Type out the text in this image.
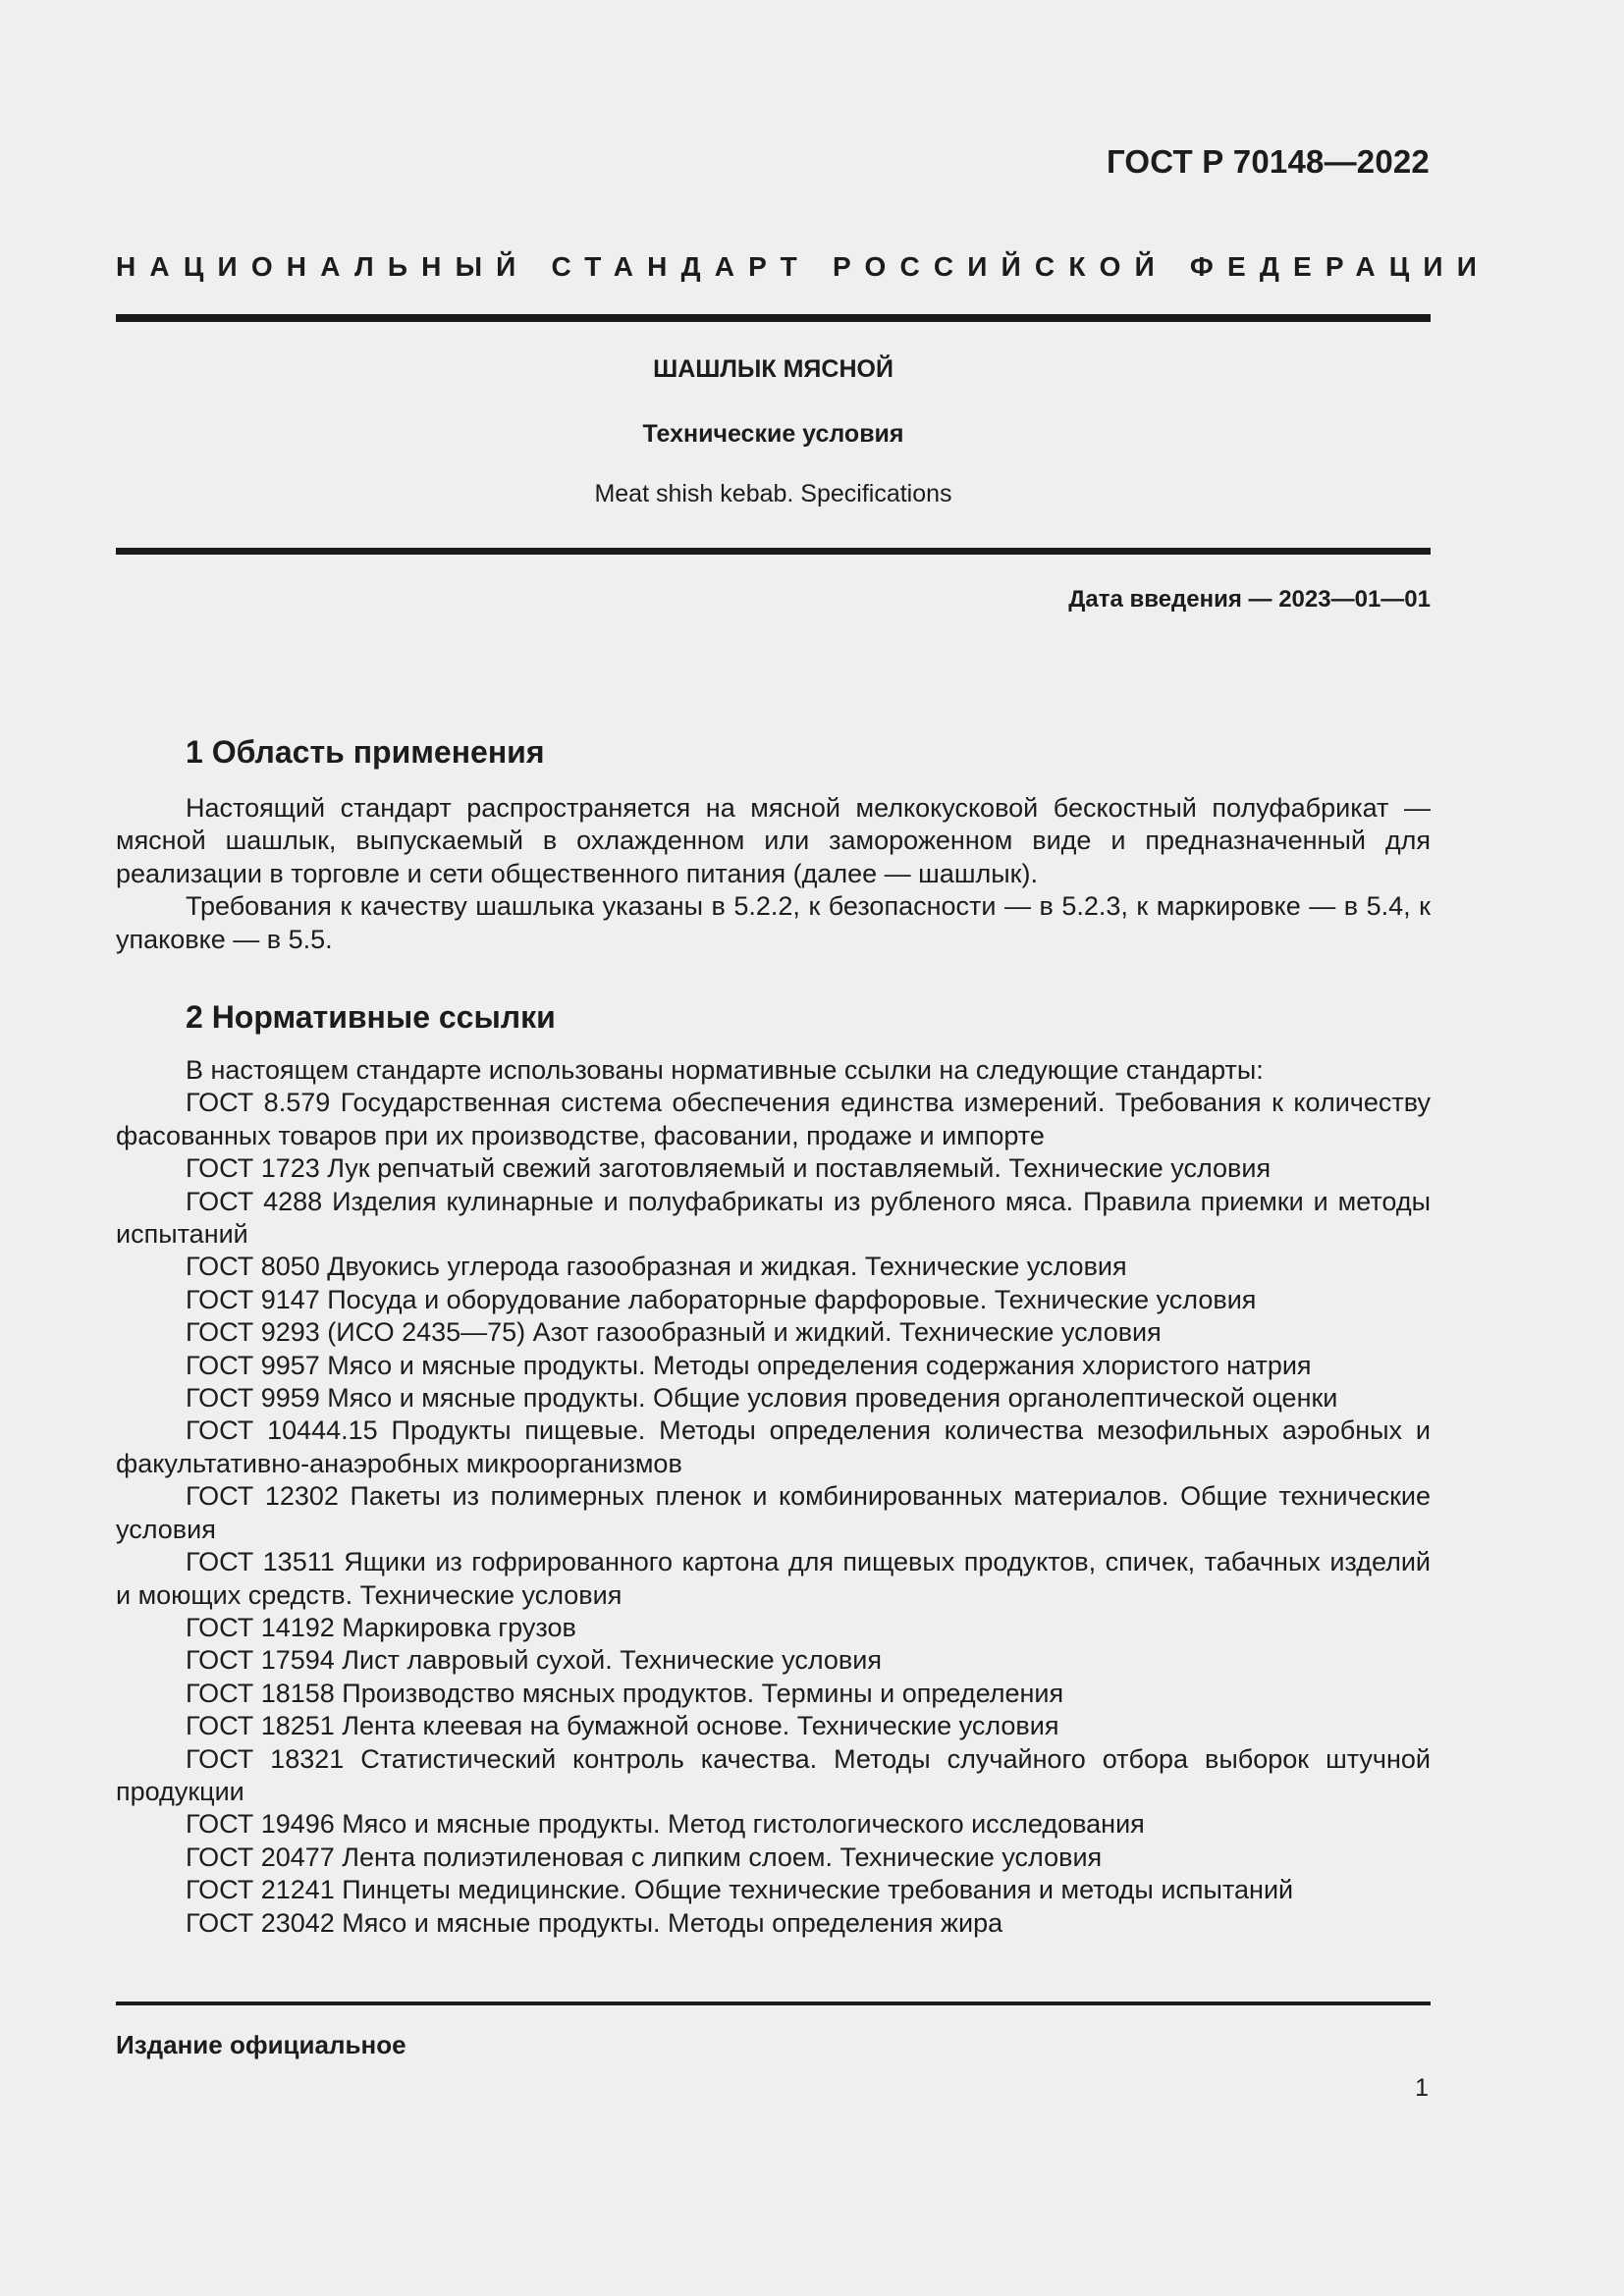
ГОСТ Р 70148—2022
НАЦИОНАЛЬНЫЙ СТАНДАРТ РОССИЙСКОЙ ФЕДЕРАЦИИ
ШАШЛЫК МЯСНОЙ
Технические условия
Meat shish kebab. Specifications
Дата введения — 2023—01—01
1 Область применения

Настоящий стандарт распространяется на мясной мелкокусковой бескостный полуфабрикат — мясной шашлык, выпускаемый в охлажденном или замороженном виде и предназначенный для реализации в торговле и сети общественного питания (далее — шашлык).

Требования к качеству шашлыка указаны в 5.2.2, к безопасности — в 5.2.3, к маркировке — в 5.4, к упаковке — в 5.5.

2 Нормативные ссылки

В настоящем стандарте использованы нормативные ссылки на следующие стандарты:

ГОСТ 8.579 Государственная система обеспечения единства измерений. Требования к количеству фасованных товаров при их производстве, фасовании, продаже и импорте

ГОСТ 1723 Лук репчатый свежий заготовляемый и поставляемый. Технические условия

ГОСТ 4288 Изделия кулинарные и полуфабрикаты из рубленого мяса. Правила приемки и методы испытаний

ГОСТ 8050 Двуокись углерода газообразная и жидкая. Технические условия

ГОСТ 9147 Посуда и оборудование лабораторные фарфоровые. Технические условия

ГОСТ 9293 (ИСО 2435—75) Азот газообразный и жидкий. Технические условия

ГОСТ 9957 Мясо и мясные продукты. Методы определения содержания хлористого натрия

ГОСТ 9959 Мясо и мясные продукты. Общие условия проведения органолептической оценки

ГОСТ 10444.15 Продукты пищевые. Методы определения количества мезофильных аэробных и факультативно-анаэробных микроорганизмов

ГОСТ 12302 Пакеты из полимерных пленок и комбинированных материалов. Общие технические условия

ГОСТ 13511 Ящики из гофрированного картона для пищевых продуктов, спичек, табачных изделий и моющих средств. Технические условия

ГОСТ 14192 Маркировка грузов

ГОСТ 17594 Лист лавровый сухой. Технические условия

ГОСТ 18158 Производство мясных продуктов. Термины и определения

ГОСТ 18251 Лента клеевая на бумажной основе. Технические условия

ГОСТ 18321 Статистический контроль качества. Методы случайного отбора выборок штучной продукции

ГОСТ 19496 Мясо и мясные продукты. Метод гистологического исследования

ГОСТ 20477 Лента полиэтиленовая с липким слоем. Технические условия

ГОСТ 21241 Пинцеты медицинские. Общие технические требования и методы испытаний

ГОСТ 23042 Мясо и мясные продукты. Методы определения жира

Издание официальное
1
